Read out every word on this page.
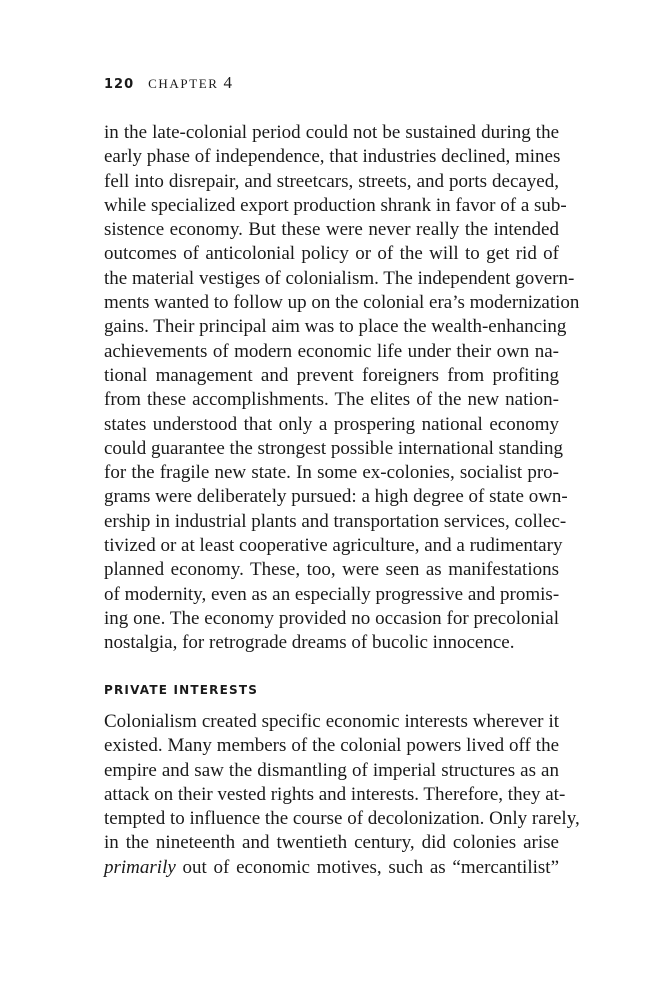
120 CHAPTER 4
in the late-colonial period could not be sustained during the
early phase of independence, that industries declined, mines
fell into disrepair, and streetcars, streets, and ports decayed,
while specialized export production shrank in favor of a sub-
sistence economy. But these were never really the intended
outcomes of anticolonial policy or of the will to get rid of
the material vestiges of colonialism. The independent govern-
ments wanted to follow up on the colonial era’s modernization
gains. Their principal aim was to place the wealth-enhancing
achievements of modern economic life under their own na-
tional management and prevent foreigners from profiting
from these accomplishments. The elites of the new nation-
states understood that only a prospering national economy
could guarantee the strongest possible international standing
for the fragile new state. In some ex-colonies, socialist pro-
grams were deliberately pursued: a high degree of state own-
ership in industrial plants and transportation services, collec-
tivized or at least cooperative agriculture, and a rudimentary
planned economy. These, too, were seen as manifestations
of modernity, even as an especially progressive and promis-
ing one. The economy provided no occasion for precolonial
nostalgia, for retrograde dreams of bucolic innocence.
PRIVATE INTERESTS
Colonialism created specific economic interests wherever it
existed. Many members of the colonial powers lived off the
empire and saw the dismantling of imperial structures as an
attack on their vested rights and interests. Therefore, they at-
tempted to influence the course of decolonization. Only rarely,
in the nineteenth and twentieth century, did colonies arise
primarily out of economic motives, such as “mercantilist”
